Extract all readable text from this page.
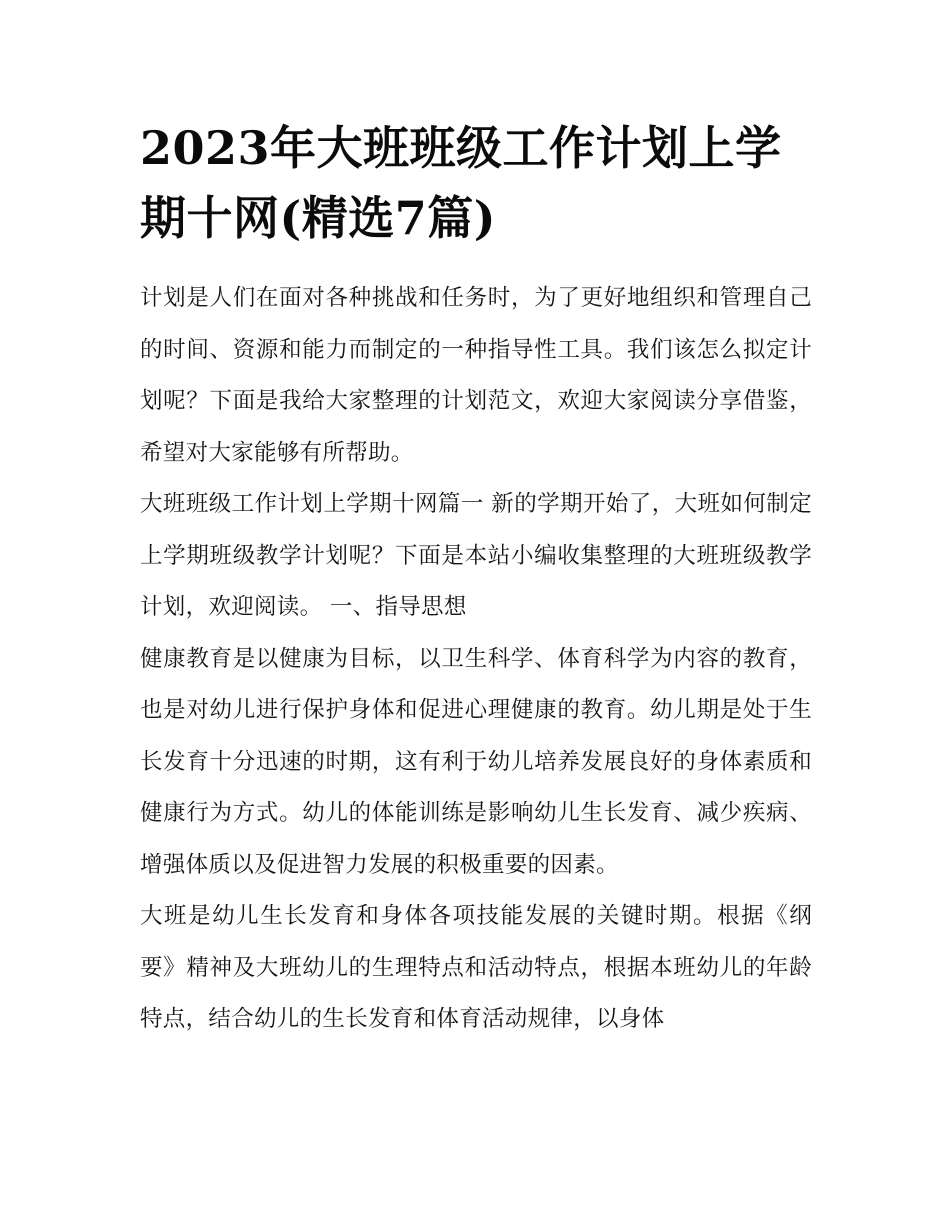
2023年大班班级工作计划上学期十网(精选7篇)

计划是人们在面对各种挑战和任务时，为了更好地组织和管理自己的时间、资源和能力而制定的一种指导性工具。我们该怎么拟定计划呢？下面是我给大家整理的计划范文，欢迎大家阅读分享借鉴，希望对大家能够有所帮助。

大班班级工作计划上学期十网篇一 新的学期开始了，大班如何制定上学期班级教学计划呢？下面是本站小编收集整理的大班班级教学计划，欢迎阅读。 一、指导思想

健康教育是以健康为目标，以卫生科学、体育科学为内容的教育，也是对幼儿进行保护身体和促进心理健康的教育。幼儿期是处于生长发育十分迅速的时期，这有利于幼儿培养发展良好的身体素质和健康行为方式。幼儿的体能训练是影响幼儿生长发育、减少疾病、增强体质以及促进智力发展的积极重要的因素。

大班是幼儿生长发育和身体各项技能发展的关键时期。根据《纲要》精神及大班幼儿的生理特点和活动特点，根据本班幼儿的年龄特点，结合幼儿的生长发育和体育活动规律，以身体
